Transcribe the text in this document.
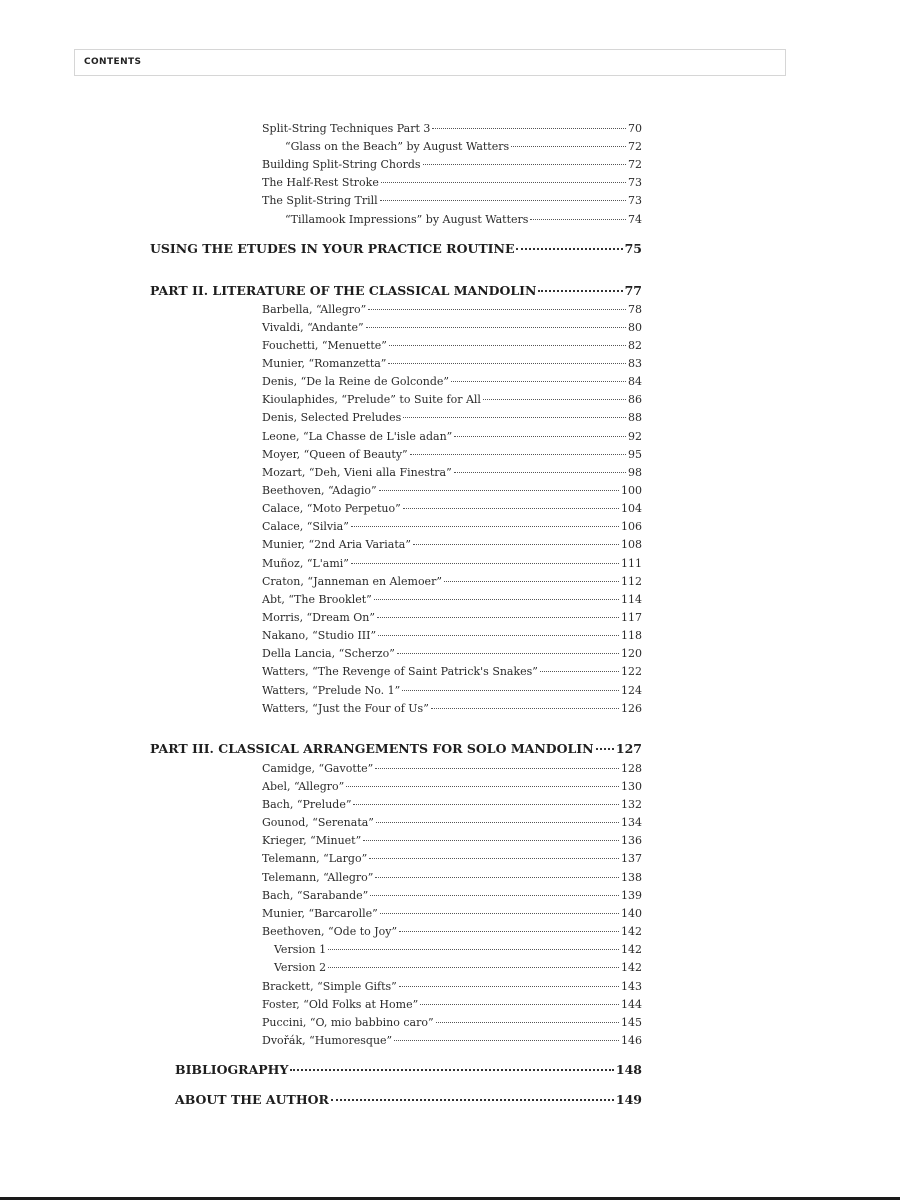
CONTENTS
Split-String Techniques Part 3	70
“Glass on the Beach” by August Watters	72
Building Split-String Chords	72
The Half-Rest Stroke	73
The Split-String Trill	73
“Tillamook Impressions” by August Watters	74
USING THE ETUDES IN YOUR PRACTICE ROUTINE	75
PART II. LITERATURE OF THE CLASSICAL MANDOLIN	77
Barbella, “Allegro”	78
Vivaldi, “Andante”	80
Fouchetti, “Menuette”	82
Munier, “Romanzetta”	83
Denis, “De la Reine de Golconde”	84
Kioulaphides, “Prelude” to Suite for All	86
Denis, Selected Preludes	88
Leone, “La Chasse de L'isle adan”	92
Moyer, “Queen of Beauty”	95
Mozart, “Deh, Vieni alla Finestra”	98
Beethoven, “Adagio”	100
Calace, “Moto Perpetuo”	104
Calace, “Silvia”	106
Munier, “2nd Aria Variata”	108
Muñoz, “L'ami”	111
Craton, “Janneman en Alemoer”	112
Abt, “The Brooklet”	114
Morris, “Dream On”	117
Nakano, “Studio III”	118
Della Lancia, “Scherzo”	120
Watters, “The Revenge of Saint Patrick's Snakes”	122
Watters, “Prelude No. 1”	124
Watters, “Just the Four of Us”	126
PART III. CLASSICAL ARRANGEMENTS FOR SOLO MANDOLIN 127
Camidge, “Gavotte”	128
Abel, “Allegro”	130
Bach, “Prelude”	132
Gounod, “Serenata”	134
Krieger, “Minuet”	136
Telemann, “Largo”	137
Telemann, “Allegro”	138
Bach, “Sarabande”	139
Munier, “Barcarolle”	140
Beethoven, “Ode to Joy”	142
Version 1	142
Version 2	142
Brackett, “Simple Gifts”	143
Foster, “Old Folks at Home”	144
Puccini, “O, mio babbino caro”	145
Dvořák, “Humoresque”	146
BIBLIOGRAPHY	148
ABOUT THE AUTHOR	149
